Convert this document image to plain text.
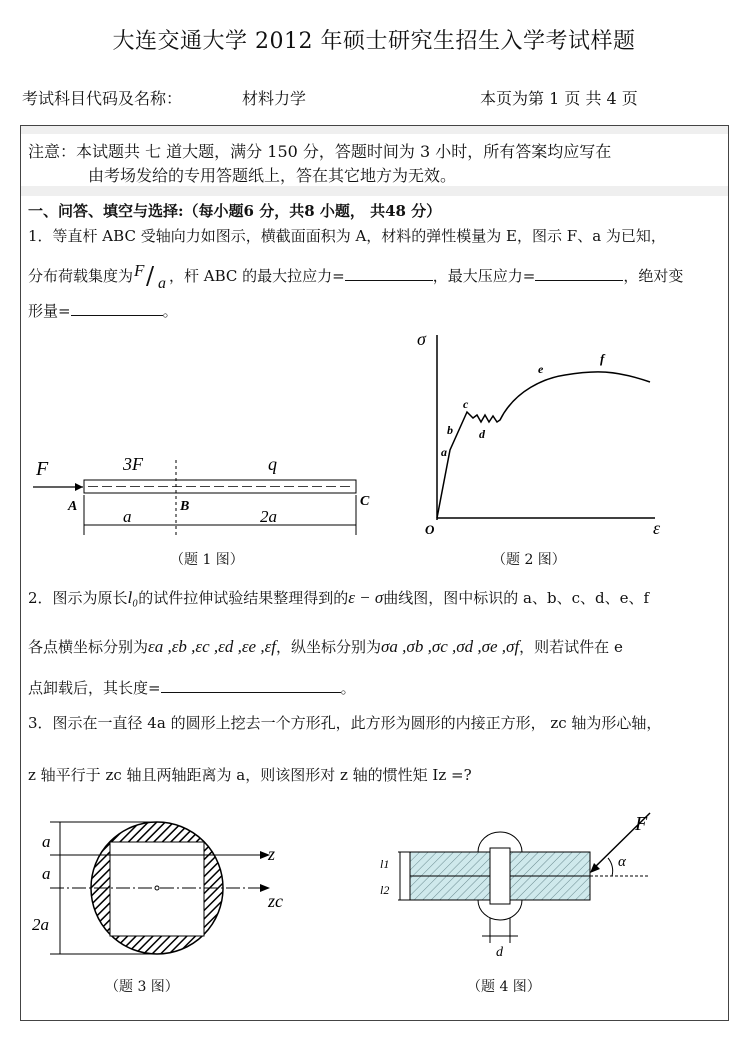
大连交通大学 2012 年硕士研究生招生入学考试样题
考试科目代码及名称：	材料力学	本页为第 1 页 共 4 页
注意：本试题共 七 道大题，满分 150 分，答题时间为 3 小时，所有答案均应写在
由考场发给的专用答题纸上，答在其它地方为无效。
一、问答、填空与选择:（每小题6 分，共8 小题， 共48 分）
1．等直杆 ABC 受轴向力如图示，横截面面积为 A，材料的弹性模量为 E，图示 F、a 为已知，
分布荷载集度为 F / a ，杆 ABC 的最大拉应力=	，最大压应力=	，绝对变
形量=	。
F	3F	q
A	B	C
a	2a
（题 1 图）
σ
ε
O
a
b
c
d
e
f
（题 2 图）
2．图示为原长l₀的试件拉伸试验结果整理得到的ε − σ曲线图，图中标识的 a、b、c、d、e、f
各点横坐标分别为εa ,εb ,εc ,εd ,εe ,εf，纵坐标分别为σa ,σb ,σc ,σd ,σe ,σf，则若试件在 e
点卸载后，其长度=	。
3．图示在一直径 4a 的圆形上挖去一个方形孔，此方形为圆形的内接正方形， zc 轴为形心轴，
z 轴平行于 zc 轴且两轴距离为 a，则该图形对 z 轴的惯性矩 Iz =?
a
a
2a
z
zc
（题 3 图）
F
α
l1
l2
d
（题 4 图）
